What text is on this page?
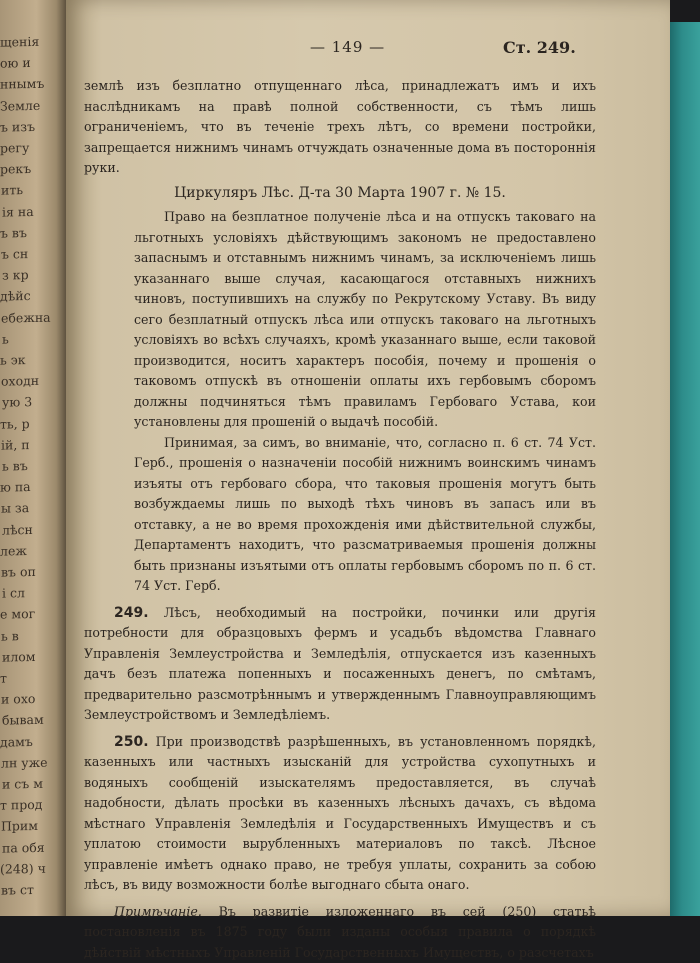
щенія
ою и
ннымъ
Земле
ъ изъ
регу
рекъ
ить
ія на
ъ въ
ъ сн
з кр
дѣйс
ебежна
ь
ь эк
оходн
ую 3
ть, р
ій, п
ь въ
ю па
ы за
лѣсн
леж
въ оп
і сл
е мог
ь в
илом
т
и охо
бывам
дамъ
лн уже
и съ м
т прод
Прим
па обя
(248) ч
въ ст
— 149 —	Ст. 249.

землѣ изъ безплатно отпущеннаго лѣса, принадлежатъ имъ и ихъ наслѣдникамъ на правѣ полной собственности, съ тѣмъ лишь ограниченіемъ, что въ теченіе трехъ лѣтъ, со времени постройки, запрещается нижнимъ чинамъ отчуждать означенные дома въ постороннія руки.

Циркуляръ Лѣс. Д-та 30 Марта 1907 г. № 15.

Право на безплатное полученіе лѣса и на отпускъ таковаго на льготныхъ условіяхъ дѣйствующимъ закономъ не предоставлено запаснымъ и отставнымъ нижнимъ чинамъ, за исключеніемъ лишь указаннаго выше случая, касающагося отставныхъ нижнихъ чиновъ, поступившихъ на службу по Рекрутскому Уставу. Въ виду сего безплатный отпускъ лѣса или отпускъ таковаго на льготныхъ условіяхъ во всѣхъ случаяхъ, кромѣ указаннаго выше, если таковой производится, носитъ характеръ пособія, почему и прошенія о таковомъ отпускѣ въ отношеніи оплаты ихъ гербовымъ сборомъ должны подчиняться тѣмъ правиламъ Гербоваго Устава, кои установлены для прошеній о выдачѣ пособій.

Принимая, за симъ, во вниманіе, что, согласно п. 6 ст. 74 Уст. Герб., прошенія о назначеніи пособій нижнимъ воинскимъ чинамъ изъяты отъ гербоваго сбора, что таковыя прошенія могутъ быть возбуждаемы лишь по выходѣ тѣхъ чиновъ въ запасъ или въ отставку, а не во время прохожденія ими дѣйствительной службы, Департаментъ находитъ, что разсматриваемыя прошенія должны быть признаны изъятыми отъ оплаты гербовымъ сборомъ по п. 6 ст. 74 Уст. Герб.

249. Лѣсъ, необходимый на постройки, починки или другія потребности для образцовыхъ фермъ и усадьбъ вѣдомства Главнаго Управленія Землеустройства и Земледѣлія, отпускается изъ казенныхъ дачъ безъ платежа попенныхъ и посаженныхъ денегъ, по смѣтамъ, предварительно разсмотрѣннымъ и утвержденнымъ Главноуправляющимъ Землеустройствомъ и Земледѣліемъ.

250. При производствѣ разрѣшенныхъ, въ установленномъ порядкѣ, казенныхъ или частныхъ изысканій для устройства сухопутныхъ и водяныхъ сообщеній изыскателямъ предоставляется, въ случаѣ надобности, дѣлать просѣки въ казенныхъ лѣсныхъ дачахъ, съ вѣдома мѣстнаго Управленія Земледѣлія и Государственныхъ Имуществъ и съ уплатою стоимости вырубленныхъ материаловъ по таксѣ. Лѣсное управленіе имѣетъ однако право, не требуя уплаты, сохранить за собою лѣсъ, въ виду возможности болѣе выгоднаго сбыта онаго.

Примѣчаніе. Въ развитіе изложеннаго въ сей (250) статьѣ постановленія въ 1875 году были изданы особыя правила о порядкѣ дѣйствій мѣстныхъ Управленій Государственныхъ Имуществъ, о разсчетахъ
